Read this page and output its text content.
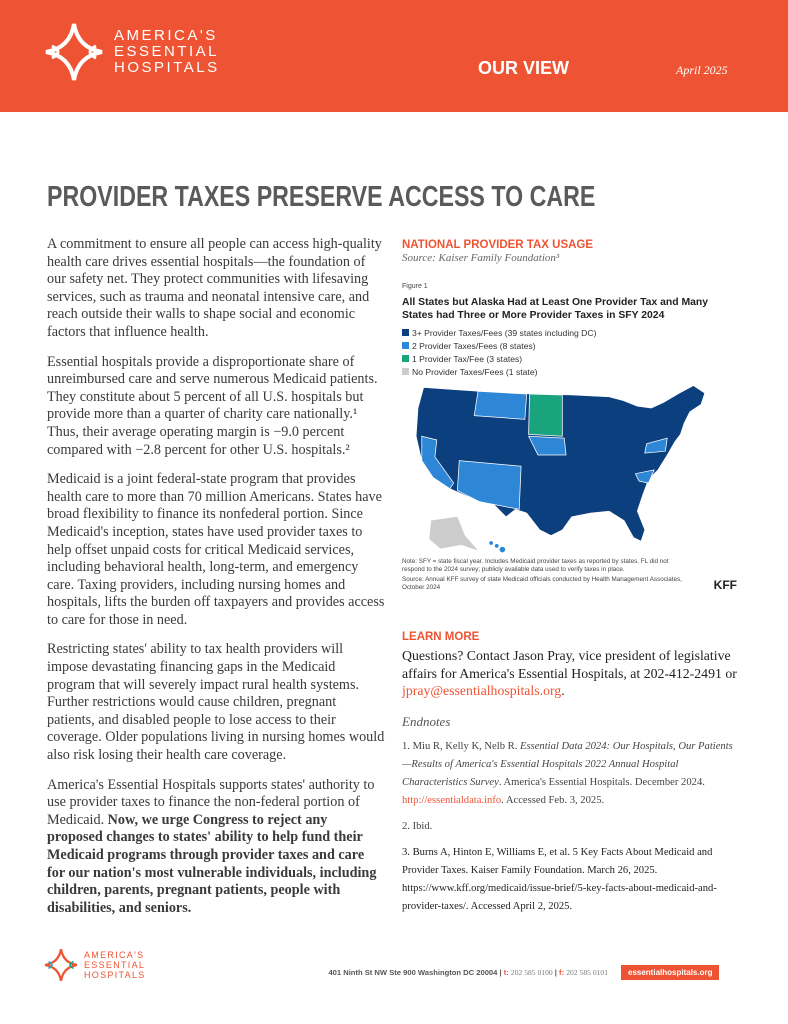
AMERICA'S
ESSENTIAL
HOSPITALS	OUR VIEW	April 2025
PROVIDER TAXES PRESERVE ACCESS TO CARE

A commitment to ensure all people can access high-quality health care drives essential hospitals—the foundation of our safety net. They protect communities with lifesaving services, such as trauma and neonatal intensive care, and reach outside their walls to shape social and economic factors that influence health.

Essential hospitals provide a disproportionate share of unreimbursed care and serve numerous Medicaid patients. They constitute about 5 percent of all U.S. hospitals but provide more than a quarter of charity care nationally.¹ Thus, their average operating margin is −9.0 percent compared with −2.8 percent for other U.S. hospitals.²

Medicaid is a joint federal-state program that provides health care to more than 70 million Americans. States have broad flexibility to finance its nonfederal portion. Since Medicaid's inception, states have used provider taxes to help offset unpaid costs for critical Medicaid services, including behavioral health, long-term, and emergency care. Taxing providers, including nursing homes and hospitals, lifts the burden off taxpayers and provides access to care for those in need.

Restricting states' ability to tax health providers will impose devastating financing gaps in the Medicaid program that will severely impact rural health systems. Further restrictions would cause children, pregnant patients, and disabled people to lose access to their coverage. Older populations living in nursing homes would also risk losing their health care coverage.

America's Essential Hospitals supports states' authority to use provider taxes to finance the non-federal portion of Medicaid. Now, we urge Congress to reject any proposed changes to states' ability to help fund their Medicaid programs through provider taxes and care for our nation's most vulnerable individuals, including children, parents, pregnant patients, people with disabilities, and seniors.

NATIONAL PROVIDER TAX USAGE
Source: Kaiser Family Foundation³
Figure 1
All States but Alaska Had at Least One Provider Tax and Many States had Three or More Provider Taxes in SFY 2024
3+ Provider Taxes/Fees (39 states including DC)
2 Provider Taxes/Fees (8 states)
1 Provider Tax/Fee (3 states)
No Provider Taxes/Fees (1 state)
Note: SFY = state fiscal year. Includes Medicaid provider taxes as reported by states. FL did not respond to the 2024 survey; publicly available data used to verify taxes in place.
Source: Annual KFF survey of state Medicaid officials conducted by Health Management Associates, October 2024	KFF
LEARN MORE
Questions? Contact Jason Pray, vice president of legislative affairs for America's Essential Hospitals, at 202-412-2491 or jpray@essentialhospitals.org.
Endnotes
1. Miu R, Kelly K, Nelb R. Essential Data 2024: Our Hospitals, Our Patients—Results of America's Essential Hospitals 2022 Annual Hospital Characteristics Survey. America's Essential Hospitals. December 2024. http://essentialdata.info. Accessed Feb. 3, 2025.
2. Ibid.
3. Burns A, Hinton E, Williams E, et al. 5 Key Facts About Medicaid and Provider Taxes. Kaiser Family Foundation. March 26, 2025. https://www.kff.org/medicaid/issue-brief/5-key-facts-about-medicaid-and-provider-taxes/. Accessed April 2, 2025.
AMERICA'S
ESSENTIAL
HOSPITALS	401 Ninth St NW Ste 900 Washington DC 20004 | t: 202 585 0100 | f: 202 585 0101	essentialhospitals.org
